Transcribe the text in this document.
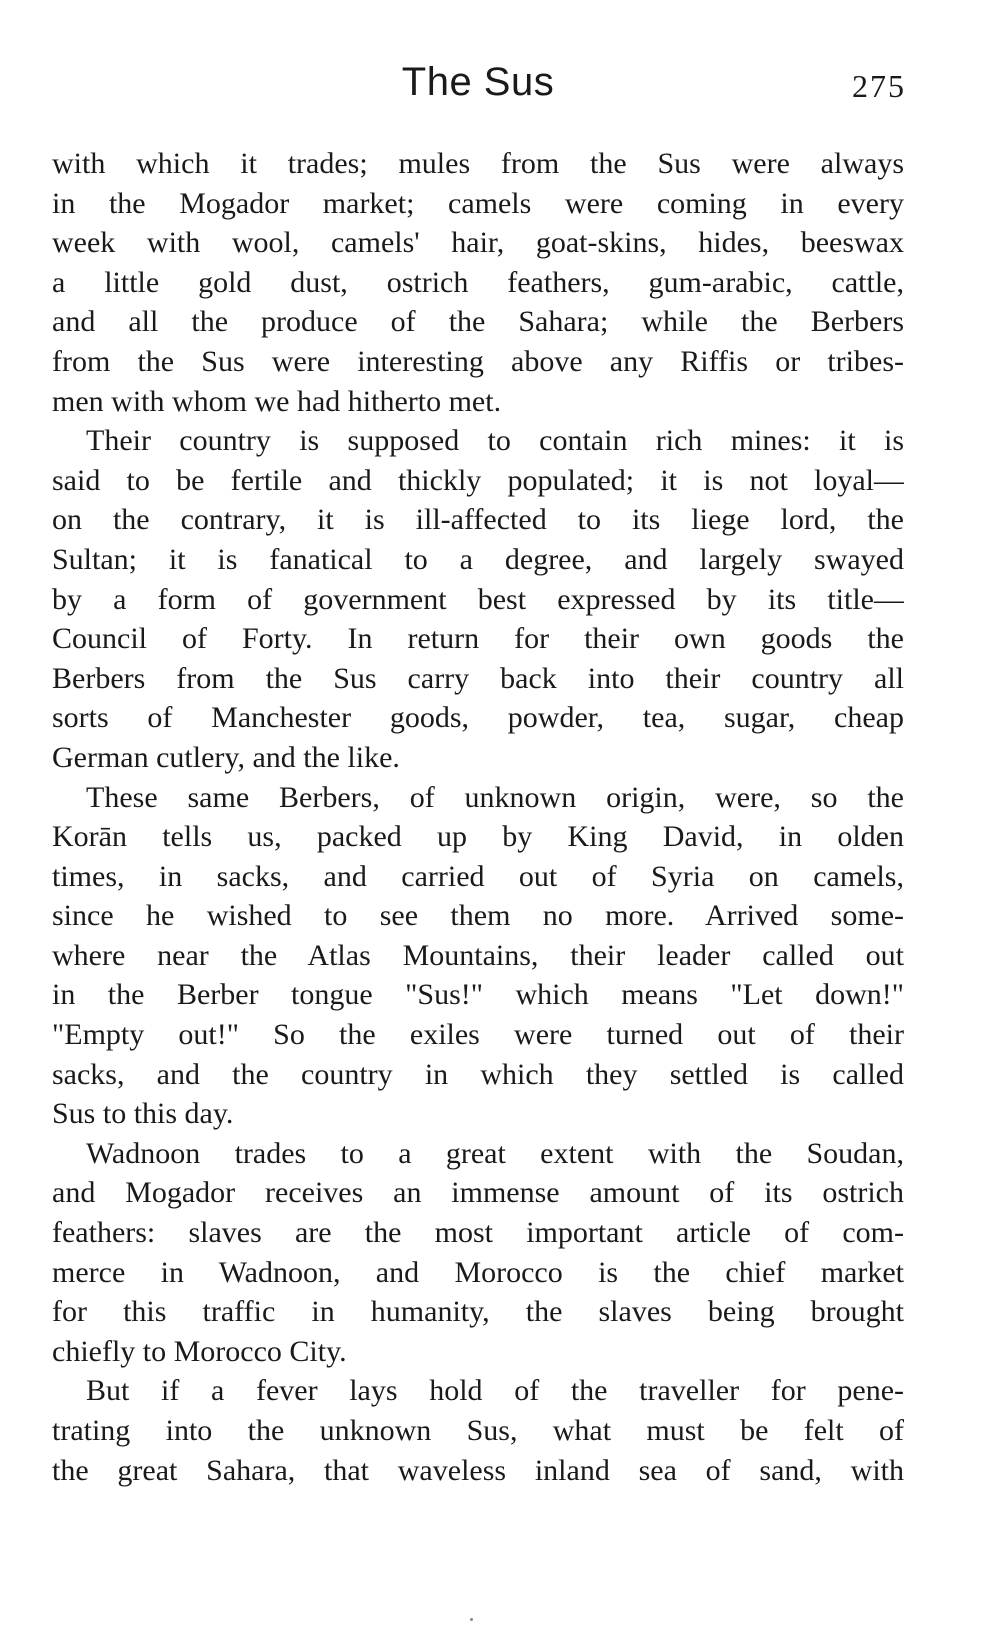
The Sus	275
with which it trades; mules from the Sus were always
in the Mogador market; camels were coming in every
week with wool, camels' hair, goat-skins, hides, beeswax
a little gold dust, ostrich feathers, gum-arabic, cattle,
and all the produce of the Sahara; while the Berbers
from the Sus were interesting above any Riffis or tribes-
men with whom we had hitherto met.
Their country is supposed to contain rich mines: it is
said to be fertile and thickly populated; it is not loyal—
on the contrary, it is ill-affected to its liege lord, the
Sultan; it is fanatical to a degree, and largely swayed
by a form of government best expressed by its title—
Council of Forty. In return for their own goods the
Berbers from the Sus carry back into their country all
sorts of Manchester goods, powder, tea, sugar, cheap
German cutlery, and the like.
These same Berbers, of unknown origin, were, so the
Korān tells us, packed up by King David, in olden
times, in sacks, and carried out of Syria on camels,
since he wished to see them no more. Arrived some-
where near the Atlas Mountains, their leader called out
in the Berber tongue "Sus!" which means "Let down!"
"Empty out!" So the exiles were turned out of their
sacks, and the country in which they settled is called
Sus to this day.
Wadnoon trades to a great extent with the Soudan,
and Mogador receives an immense amount of its ostrich
feathers: slaves are the most important article of com-
merce in Wadnoon, and Morocco is the chief market
for this traffic in humanity, the slaves being brought
chiefly to Morocco City.
But if a fever lays hold of the traveller for pene-
trating into the unknown Sus, what must be felt of
the great Sahara, that waveless inland sea of sand, with
